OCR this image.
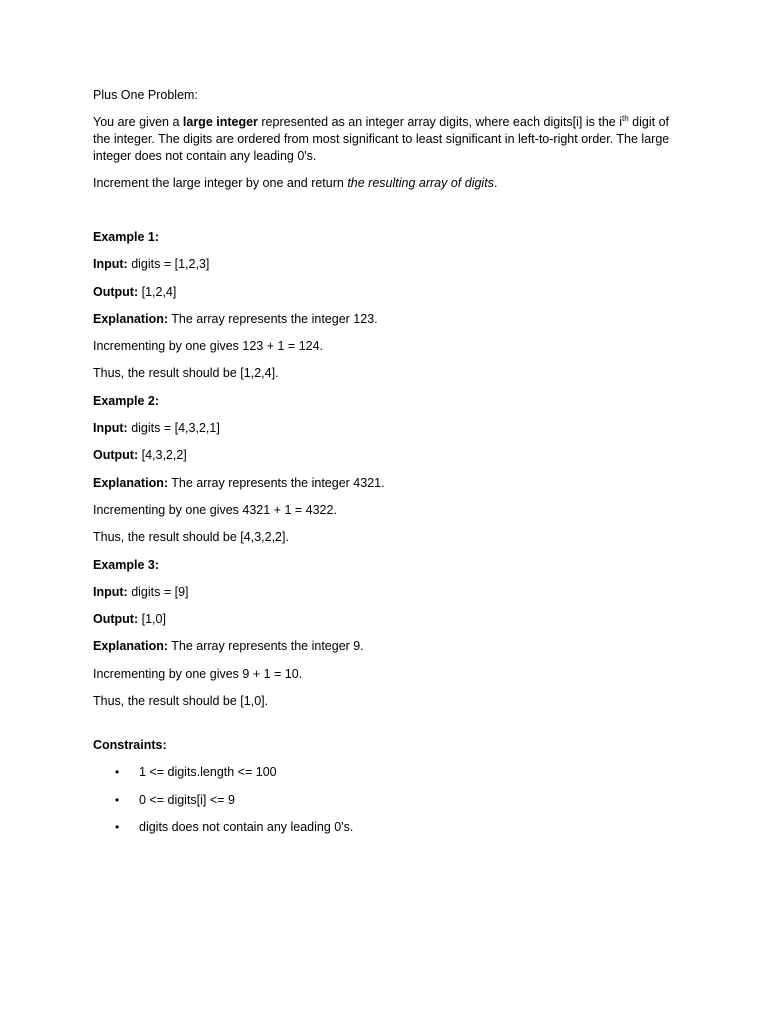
Plus One Problem:

You are given a large integer represented as an integer array digits, where each digits[i] is the $i^{th}$ digit of the integer. The digits are ordered from most significant to least significant in left-to-right order. The large integer does not contain any leading 0's.

Increment the large integer by one and return the resulting array of digits.

Example 1:

Input: digits = [1,2,3]

Output: [1,2,4]

Explanation: The array represents the integer 123.

Incrementing by one gives 123 + 1 = 124.

Thus, the result should be [1,2,4].

Example 2:

Input: digits = [4,3,2,1]

Output: [4,3,2,2]

Explanation: The array represents the integer 4321.

Incrementing by one gives 4321 + 1 = 4322.

Thus, the result should be [4,3,2,2].

Example 3:

Input: digits = [9]

Output: [1,0]

Explanation: The array represents the integer 9.

Incrementing by one gives 9 + 1 = 10.

Thus, the result should be [1,0].

Constraints:

• 1 <= digits.length <= 100
• 0 <= digits[i] <= 9
• digits does not contain any leading 0's.
